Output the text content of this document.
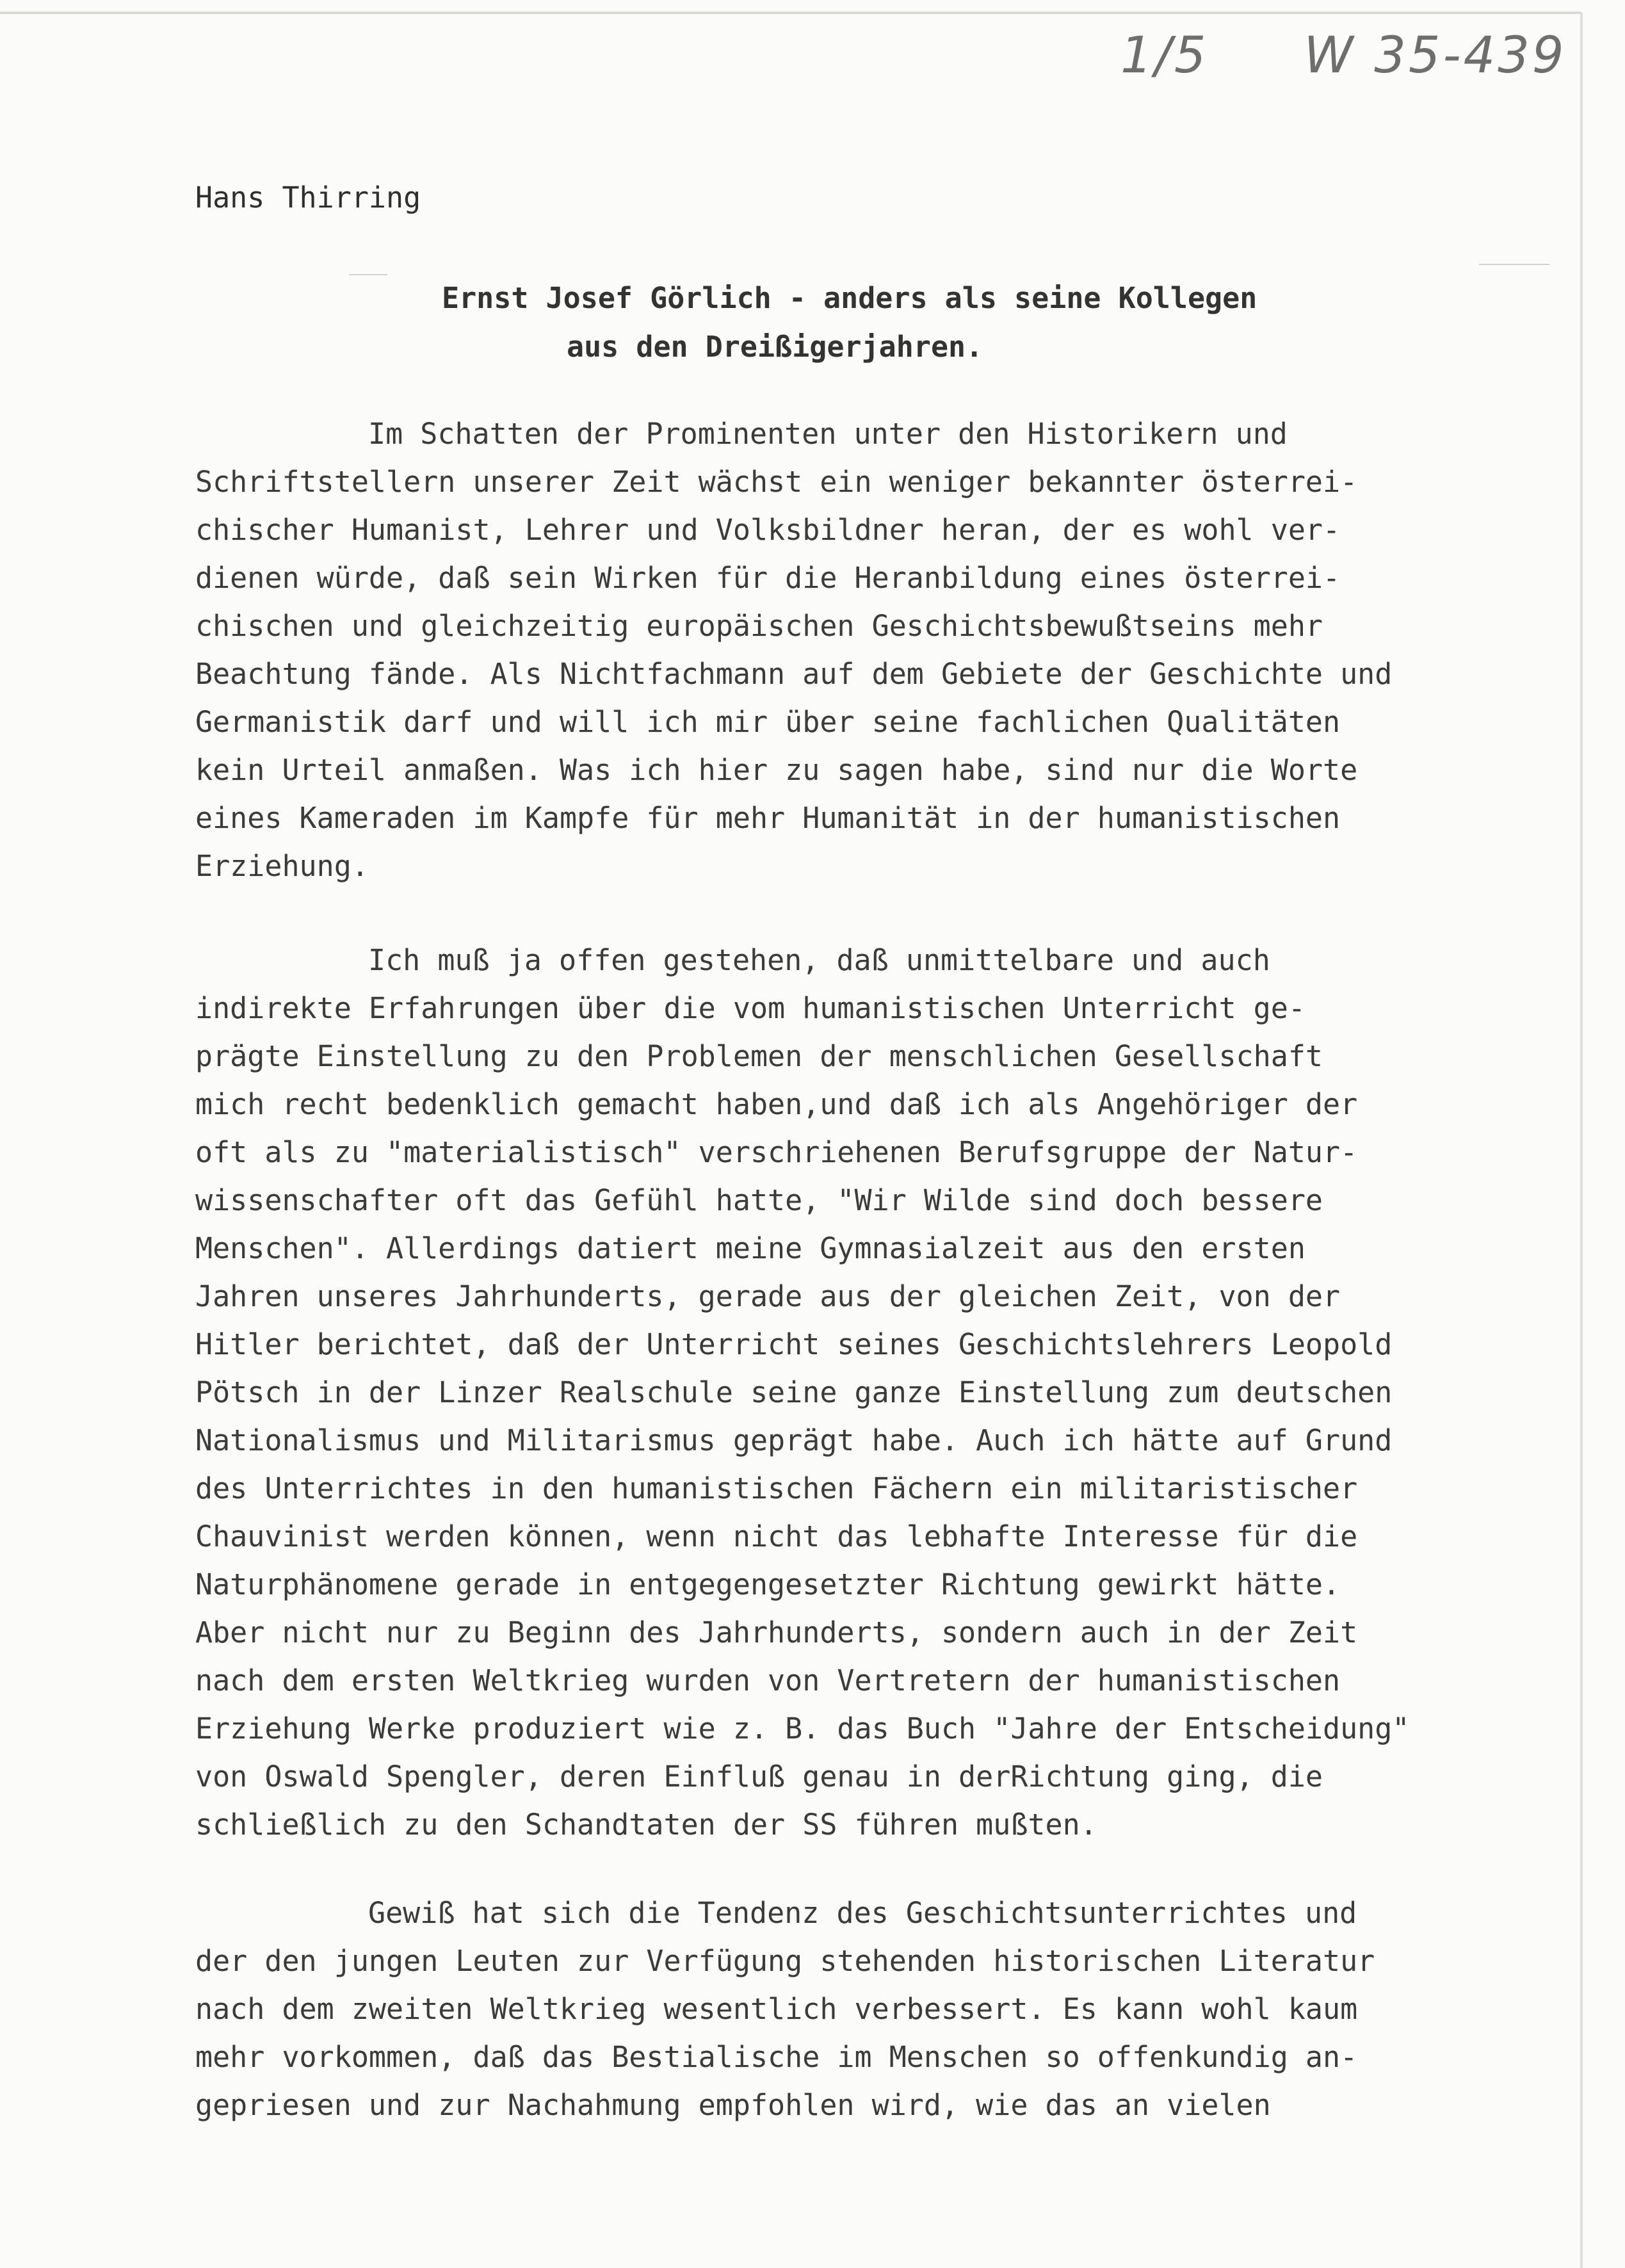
1/5 W 35-439
Hans Thirring
Ernst Josef Görlich - anders als seine Kollegen
aus den Dreißigerjahren.
Im Schatten der Prominenten unter den Historikern und
Schriftstellern unserer Zeit wächst ein weniger bekannter österrei-
chischer Humanist, Lehrer und Volksbildner heran, der es wohl ver-
dienen würde, daß sein Wirken für die Heranbildung eines österrei-
chischen und gleichzeitig europäischen Geschichtsbewußtseins mehr
Beachtung fände. Als Nichtfachmann auf dem Gebiete der Geschichte und
Germanistik darf und will ich mir über seine fachlichen Qualitäten
kein Urteil anmaßen. Was ich hier zu sagen habe, sind nur die Worte
eines Kameraden im Kampfe für mehr Humanität in der humanistischen
Erziehung.
Ich muß ja offen gestehen, daß unmittelbare und auch
indirekte Erfahrungen über die vom humanistischen Unterricht ge-
prägte Einstellung zu den Problemen der menschlichen Gesellschaft
mich recht bedenklich gemacht haben,und daß ich als Angehöriger der
oft als zu "materialistisch" verschriehenen Berufsgruppe der Natur-
wissenschafter oft das Gefühl hatte, "Wir Wilde sind doch bessere
Menschen". Allerdings datiert meine Gymnasialzeit aus den ersten
Jahren unseres Jahrhunderts, gerade aus der gleichen Zeit, von der
Hitler berichtet, daß der Unterricht seines Geschichtslehrers Leopold
Pötsch in der Linzer Realschule seine ganze Einstellung zum deutschen
Nationalismus und Militarismus geprägt habe. Auch ich hätte auf Grund
des Unterrichtes in den humanistischen Fächern ein militaristischer
Chauvinist werden können, wenn nicht das lebhafte Interesse für die
Naturphänomene gerade in entgegengesetzter Richtung gewirkt hätte.
Aber nicht nur zu Beginn des Jahrhunderts, sondern auch in der Zeit
nach dem ersten Weltkrieg wurden von Vertretern der humanistischen
Erziehung Werke produziert wie z. B. das Buch "Jahre der Entscheidung"
von Oswald Spengler, deren Einfluß genau in derRichtung ging, die
schließlich zu den Schandtaten der SS führen mußten.
Gewiß hat sich die Tendenz des Geschichtsunterrichtes und
der den jungen Leuten zur Verfügung stehenden historischen Literatur
nach dem zweiten Weltkrieg wesentlich verbessert. Es kann wohl kaum
mehr vorkommen, daß das Bestialische im Menschen so offenkundig an-
gepriesen und zur Nachahmung empfohlen wird, wie das an vielen
